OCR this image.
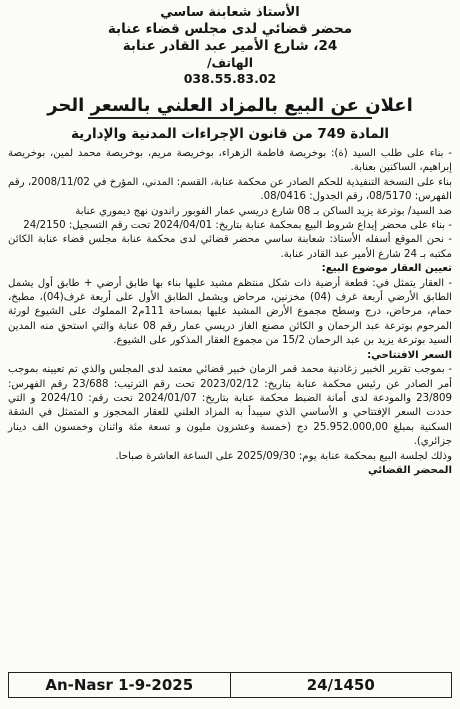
الأستاذ شعابنة ساسي
محضر قضائي لدى مجلس قضاء عنابة
24، شارع الأمير عبد القادر عنابة
الهاتف/
038.55.83.02
اعلان عن البيع بالمزاد العلني بالسعر الحر
المادة 749 من قانون الإجراءات المدنية والإدارية

- بناء على طلب السيد (ة): بوخريصة فاطمة الزهراء، بوخريصة مريم، بوخريصة محمد لمين، بوخريصة إبراهيم، الساكنين بعنابة.

بناء على النسخة التنفيذية للحكم الصادر عن محكمة عنابة، القسم: المدني، المؤرخ في 2008/11/02، رقم الفهرس: 08/5170، رقم الجدول: 08/0416.

ضد السيد/ بوترعة يزيد الساكن بـ 08 شارع دريسي عمار الفوبور راندون نهج ديموري عنابة

- بناء على محضر إيداع شروط البيع بمحكمة عنابة بتاريخ: 2024/04/01 تحت رقم التسجيل: 24/2150

- نحن الموقع أسفله الأستاذ: شعابنة ساسي محضر قضائي لدى محكمة عنابة مجلس قضاء عنابة الكائن مكتبه بـ 24 شارع الأمير عبد القادر عنابة.

تعيين العقار موضوع البيع:

- العقار يتمثل في: قطعة أرضية ذات شكل منتظم مشيد عليها بناء بها طابق أرضي + طابق أول يشمل الطابق الأرضي أربعة غرف (04) مخزنين، مرحاض ويشمل الطابق الأول على أربعة غرف(04)، مطبخ، حمام، مرحاض، درج وسطح مجموع الأرض المشيد عليها بمساحة 111م2 المملوك على الشيوع لورثة المرحوم بوترعة عبد الرحمان و الكائن مصنع الغاز دريسي عمار رقم 08 عنابة والتي استحق منه المدين السيد بوترعة يزيد بن عبد الرحمان 15/2 من مجموع العقار المذكور على الشيوع.

السعر الافتتاحي:

- بموجب تقرير الخبير زغادنية محمد قمر الزمان خبير قضائي معتمد لدى المجلس والذي تم تعيينه بموجب أمر الصادر عن رئيس محكمة عنابة بتاريخ: 2023/02/12 تحت رقم الترتيب: 23/688 رقم الفهرس: 23/809 والمودعة لدى أمانة الضبط محكمة عنابة بتاريخ: 2024/01/07 تحت رقم: 2024/10 و التي حددت السعر الإفتتاحي و الأساسي الذي سيبدأ به المزاد العلني للعقار المحجوز و المتمثل في الشقة السكنية بمبلغ 25.952.000,00 دج (خمسة وعشرون مليون و تسعة مئة واثنان وخمسون الف دينار جزائري).

وذلك لجلسة البيع بمحكمة عنابة يوم: 2025/09/30 على الساعة العاشرة صباحا.

المحضر القضائي

An-Nasr 1-9-2025	24/1450
